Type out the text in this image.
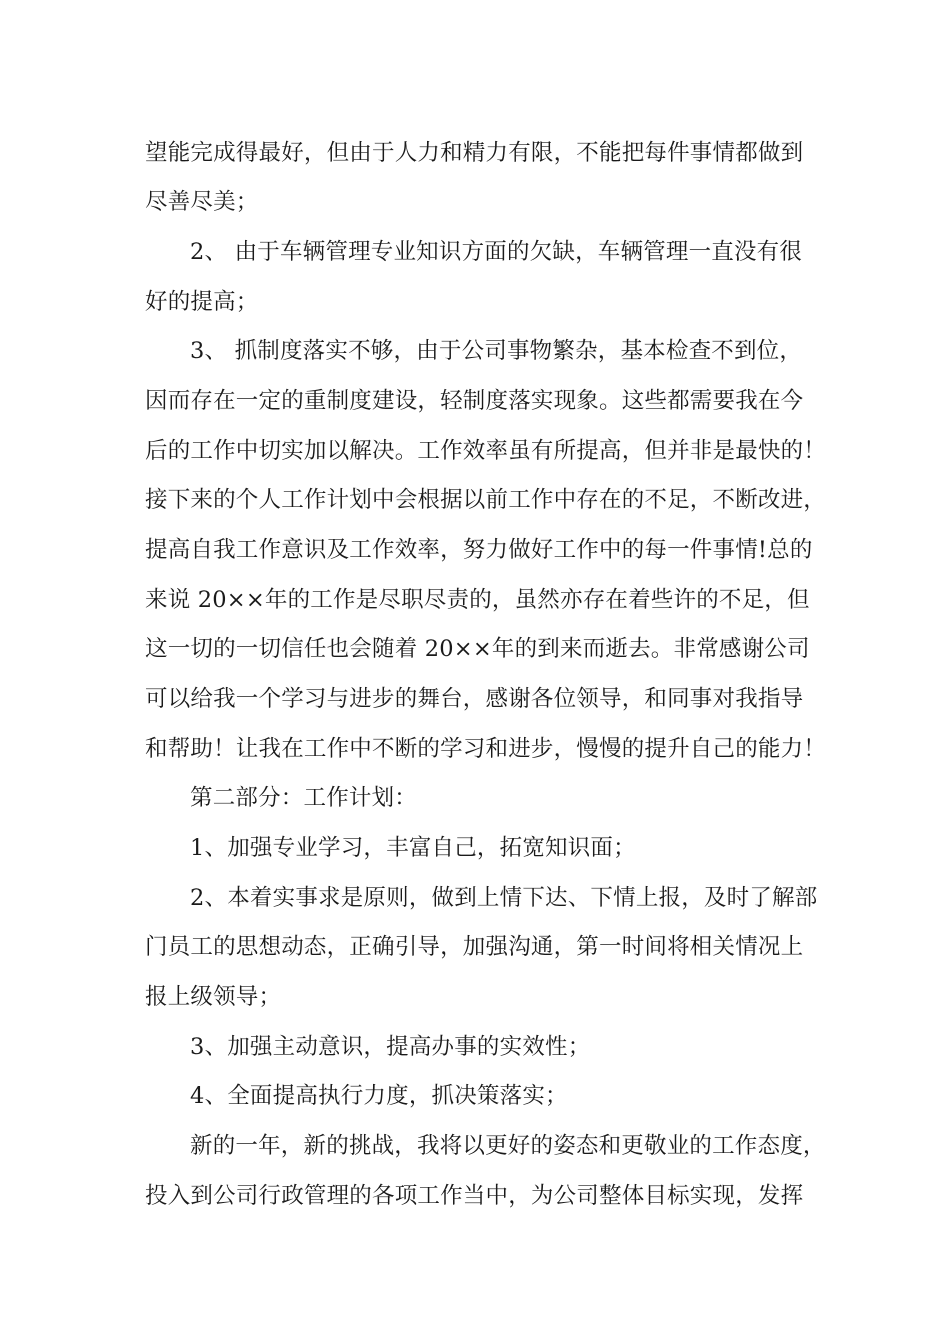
望能完成得最好，但由于人力和精力有限，不能把每件事情都做到
尽善尽美；
2、 由于车辆管理专业知识方面的欠缺，车辆管理一直没有很
好的提高；
3、 抓制度落实不够，由于公司事物繁杂，基本检查不到位，
因而存在一定的重制度建设，轻制度落实现象。这些都需要我在今
后的工作中切实加以解决。工作效率虽有所提高，但并非是最快的！
接下来的个人工作计划中会根据以前工作中存在的不足，不断改进，
提高自我工作意识及工作效率，努力做好工作中的每一件事情!总的
来说 20××年的工作是尽职尽责的，虽然亦存在着些许的不足，但
这一切的一切信任也会随着 20××年的到来而逝去。非常感谢公司
可以给我一个学习与进步的舞台，感谢各位领导，和同事对我指导
和帮助！让我在工作中不断的学习和进步，慢慢的提升自己的能力！
第二部分：工作计划：
1、加强专业学习，丰富自己，拓宽知识面；
2、本着实事求是原则，做到上情下达、下情上报，及时了解部
门员工的思想动态，正确引导，加强沟通，第一时间将相关情况上
报上级领导；
3、加强主动意识，提高办事的实效性；
4、全面提高执行力度，抓决策落实；
新的一年，新的挑战，我将以更好的姿态和更敬业的工作态度，
投入到公司行政管理的各项工作当中，为公司整体目标实现，发挥
